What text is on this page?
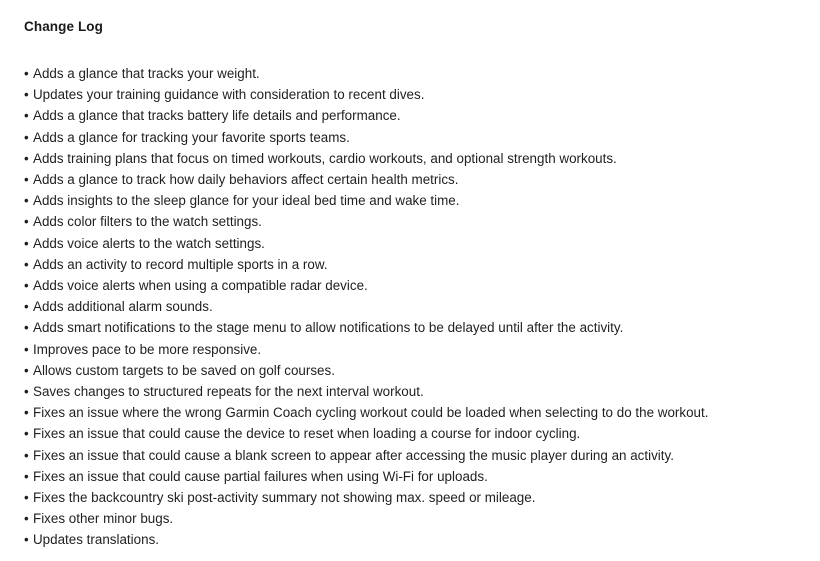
Change Log
• Adds a glance that tracks your weight.
• Updates your training guidance with consideration to recent dives.
• Adds a glance that tracks battery life details and performance.
• Adds a glance for tracking your favorite sports teams.
• Adds training plans that focus on timed workouts, cardio workouts, and optional strength workouts.
• Adds a glance to track how daily behaviors affect certain health metrics.
• Adds insights to the sleep glance for your ideal bed time and wake time.
• Adds color filters to the watch settings.
• Adds voice alerts to the watch settings.
• Adds an activity to record multiple sports in a row.
• Adds voice alerts when using a compatible radar device.
• Adds additional alarm sounds.
• Adds smart notifications to the stage menu to allow notifications to be delayed until after the activity.
• Improves pace to be more responsive.
• Allows custom targets to be saved on golf courses.
• Saves changes to structured repeats for the next interval workout.
• Fixes an issue where the wrong Garmin Coach cycling workout could be loaded when selecting to do the workout.
• Fixes an issue that could cause the device to reset when loading a course for indoor cycling.
• Fixes an issue that could cause a blank screen to appear after accessing the music player during an activity.
• Fixes an issue that could cause partial failures when using Wi-Fi for uploads.
• Fixes the backcountry ski post-activity summary not showing max. speed or mileage.
• Fixes other minor bugs.
• Updates translations.
